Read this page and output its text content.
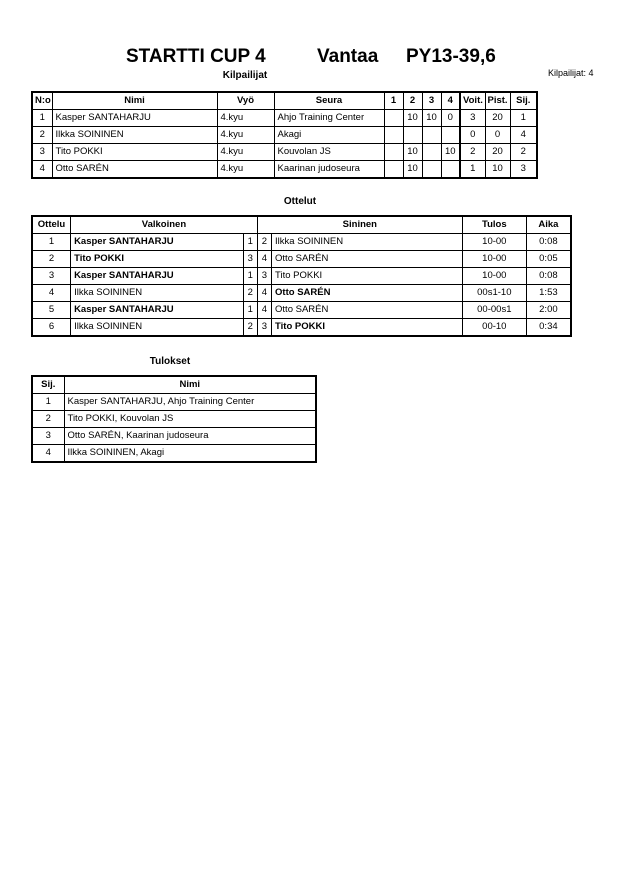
STARTTI CUP 4	Vantaa PY13-39,6
Kilpailijat: 4
Kilpailijat
N:o	Nimi	Vyö	Seura	1	2	3	4	Voit.	Pist.	Sij.
1	Kasper SANTAHARJU	4.kyu	Ahjo Training Center		10	10	0	3	20	1
2	Ilkka SOININEN	4.kyu	Akagi					0	0	4
3	Tito POKKI	4.kyu	Kouvolan JS		10		10	2	20	2
4	Otto SARÉN	4.kyu	Kaarinan judoseura		10			1	10	3
Ottelut
Ottelu	Valkoinen		Sininen		Tulos	Aika
1	Kasper SANTAHARJU	1	2	Ilkka SOININEN	10-00	0:08
2	Tito POKKI	3	4	Otto SARÉN	10-00	0:05
3	Kasper SANTAHARJU	1	3	Tito POKKI	10-00	0:08
4	Ilkka SOININEN	2	4	Otto SARÉN	00s1-10	1:53
5	Kasper SANTAHARJU	1	4	Otto SARÉN	00-00s1	2:00
6	Ilkka SOININEN	2	3	Tito POKKI	00-10	0:34
Tulokset
Sij.	Nimi
1	Kasper SANTAHARJU, Ahjo Training Center
2	Tito POKKI, Kouvolan JS
3	Otto SARÉN, Kaarinan judoseura
4	Ilkka SOININEN, Akagi
